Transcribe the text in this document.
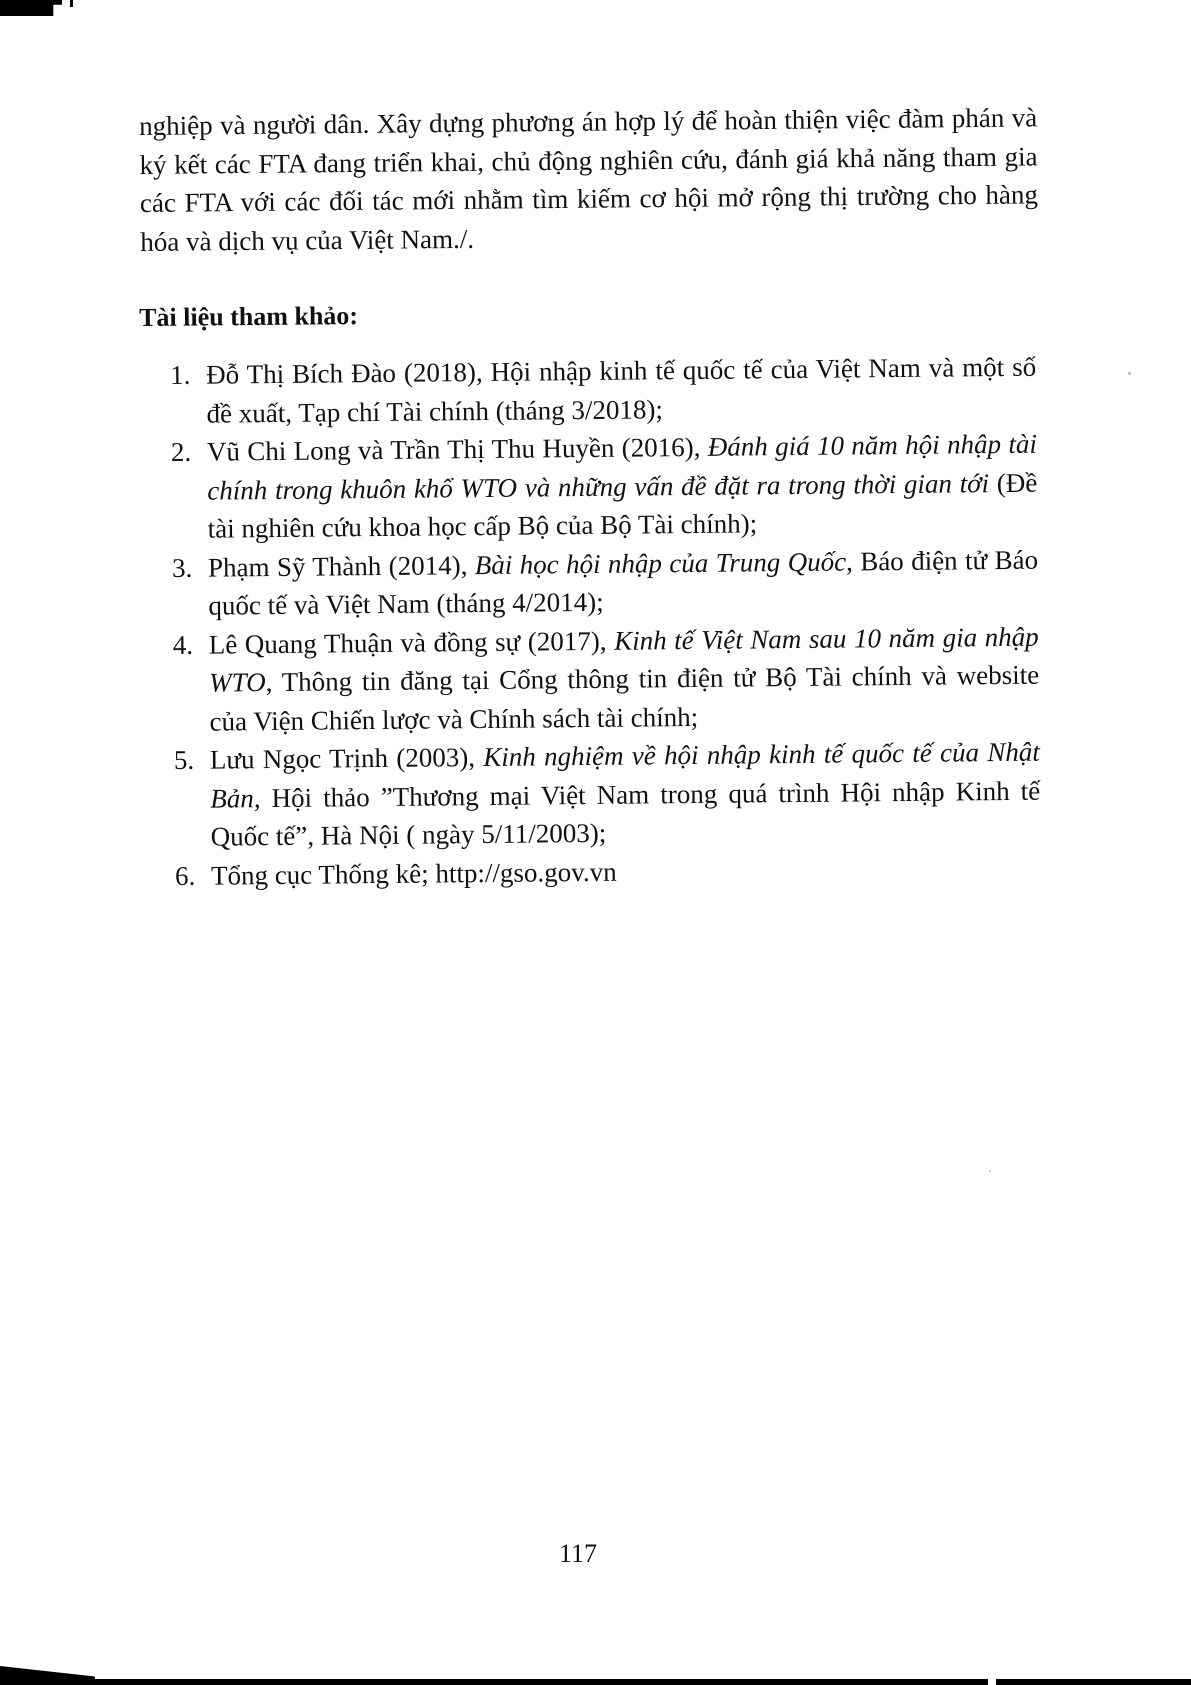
nghiệp và người dân. Xây dựng phương án hợp lý để hoàn thiện việc đàm phán và ký kết các FTA đang triển khai, chủ động nghiên cứu, đánh giá khả năng tham gia các FTA với các đối tác mới nhằm tìm kiếm cơ hội mở rộng thị trường cho hàng hóa và dịch vụ của Việt Nam./.

Tài liệu tham khảo:
1. Đỗ Thị Bích Đào (2018), Hội nhập kinh tế quốc tế của Việt Nam và một số đề xuất, Tạp chí Tài chính (tháng 3/2018);
2. Vũ Chi Long và Trần Thị Thu Huyền (2016), Đánh giá 10 năm hội nhập tài chính trong khuôn khổ WTO và những vấn đề đặt ra trong thời gian tới (Đề tài nghiên cứu khoa học cấp Bộ của Bộ Tài chính);
3. Phạm Sỹ Thành (2014), Bài học hội nhập của Trung Quốc, Báo điện tử Báo quốc tế và Việt Nam (tháng 4/2014);
4. Lê Quang Thuận và đồng sự (2017), Kinh tế Việt Nam sau 10 năm gia nhập WTO, Thông tin đăng tại Cổng thông tin điện tử Bộ Tài chính và website của Viện Chiến lược và Chính sách tài chính;
5. Lưu Ngọc Trịnh (2003), Kinh nghiệm về hội nhập kinh tế quốc tế của Nhật Bản, Hội thảo ”Thương mại Việt Nam trong quá trình Hội nhập Kinh tế Quốc tế”, Hà Nội ( ngày 5/11/2003);
6. Tổng cục Thống kê; http://gso.gov.vn
117
